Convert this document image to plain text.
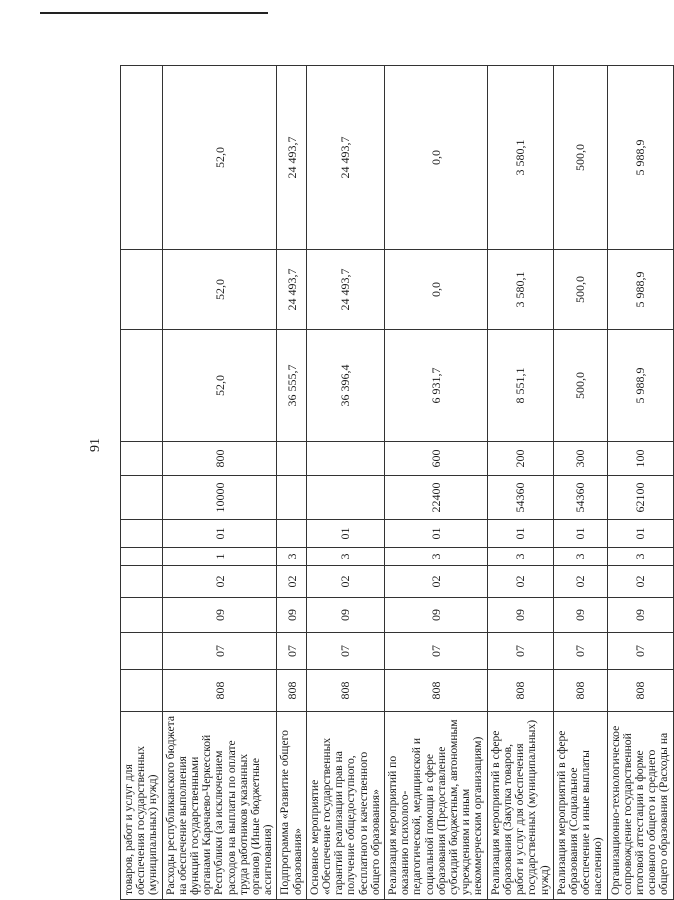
91
товаров, работ и услуг для обеспечения государственных (муниципальных) нужд)											
Расходы республиканского бюджета на обеспечение выполнения функций государственными органами Карачаево-Черкесской Республики (за исключением расходов на выплаты по оплате труда работников указанных органов) (Иные бюджетные ассигнования)	808	07	09	02	1	01	10000	800	52,0	52,0	52,0
Подпрограмма «Развитие общего образования»	808	07	09	02	3				36 555,7	24 493,7	24 493,7
Основное мероприятие «Обеспечение государственных гарантий реализации прав на получение общедоступного, бесплатного и качественного общего образования»	808	07	09	02	3	01			36 396,4	24 493,7	24 493,7
Реализация мероприятий по оказанию психолого-педагогической, медицинской и социальной помощи в сфере образования (Предоставление субсидий бюджетным, автономным учреждениям и иным некоммерческим организациям)	808	07	09	02	3	01	22400	600	6 931,7	0,0	0,0
Реализация мероприятий в сфере образования (Закупка товаров, работ и услуг для обеспечения государственных (муниципальных) нужд)	808	07	09	02	3	01	54360	200	8 551,1	3 580,1	3 580,1
Реализация мероприятий в сфере образования (Социальное обеспечение и иные выплаты населению)	808	07	09	02	3	01	54360	300	500,0	500,0	500,0
Организационно-технологическое сопровождение государственной итоговой аттестации в форме основного общего и среднего общего образования (Расходы на	808	07	09	02	3	01	62100	100	5 988,9	5 988,9	5 988,9
